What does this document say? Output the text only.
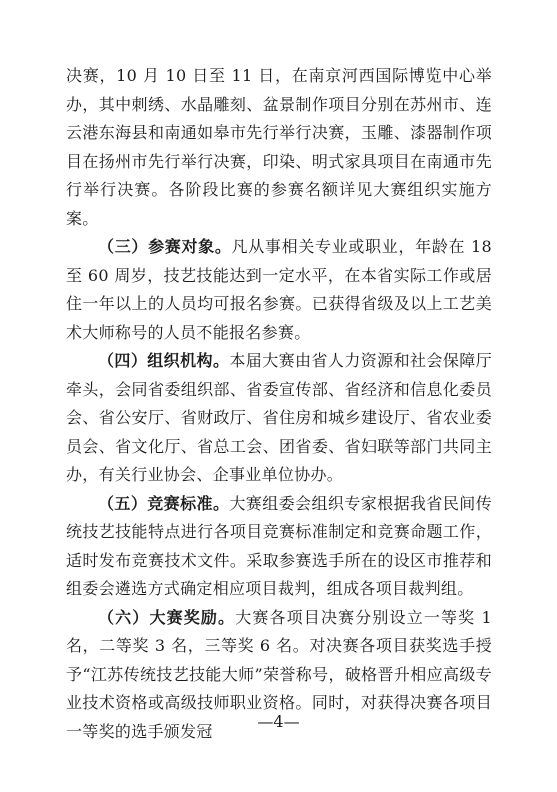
决赛，10 月 10 日至 11 日，在南京河西国际博览中心举办，其中刺绣、水晶雕刻、盆景制作项目分别在苏州市、连云港东海县和南通如皋市先行举行决赛，玉雕、漆器制作项目在扬州市先行举行决赛，印染、明式家具项目在南通市先行举行决赛。各阶段比赛的参赛名额详见大赛组织实施方案。

（三）参赛对象。凡从事相关专业或职业，年龄在 18 至 60 周岁，技艺技能达到一定水平，在本省实际工作或居住一年以上的人员均可报名参赛。已获得省级及以上工艺美术大师称号的人员不能报名参赛。

（四）组织机构。本届大赛由省人力资源和社会保障厅牵头，会同省委组织部、省委宣传部、省经济和信息化委员会、省公安厅、省财政厅、省住房和城乡建设厅、省农业委员会、省文化厅、省总工会、团省委、省妇联等部门共同主办，有关行业协会、企事业单位协办。

（五）竞赛标准。大赛组委会组织专家根据我省民间传统技艺技能特点进行各项目竞赛标准制定和竞赛命题工作，适时发布竞赛技术文件。采取参赛选手所在的设区市推荐和组委会遴选方式确定相应项目裁判，组成各项目裁判组。

（六）大赛奖励。大赛各项目决赛分别设立一等奖 1 名，二等奖 3 名，三等奖 6 名。对决赛各项目获奖选手授予“江苏传统技艺技能大师”荣誉称号，破格晋升相应高级专业技术资格或高级技师职业资格。同时，对获得决赛各项目一等奖的选手颁发冠	—4—
